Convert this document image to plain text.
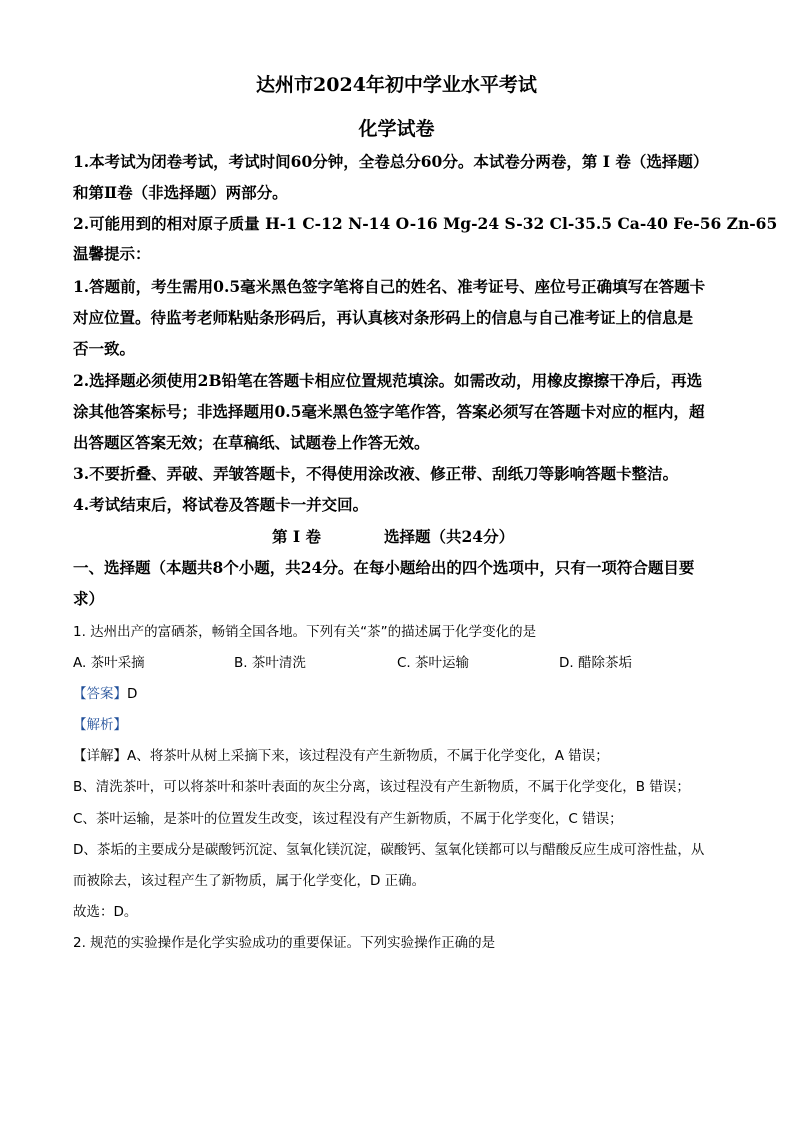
达州市2024年初中学业水平考试
化学试卷
1.本考试为闭卷考试，考试时间60分钟，全卷总分60分。本试卷分两卷，第 I 卷（选择题）
和第Ⅱ卷（非选择题）两部分。
2.可能用到的相对原子质量 H-1 C-12 N-14 O-16 Mg-24 S-32 Cl-35.5 Ca-40 Fe-56 Zn-65
温馨提示：
1.答题前，考生需用0.5毫米黑色签字笔将自己的姓名、准考证号、座位号正确填写在答题卡
对应位置。待监考老师粘贴条形码后，再认真核对条形码上的信息与自己准考证上的信息是
否一致。
2.选择题必须使用2B铅笔在答题卡相应位置规范填涂。如需改动，用橡皮擦擦干净后，再选
涂其他答案标号；非选择题用0.5毫米黑色签字笔作答，答案必须写在答题卡对应的框内，超
出答题区答案无效；在草稿纸、试题卷上作答无效。
3.不要折叠、弄破、弄皱答题卡，不得使用涂改液、修正带、刮纸刀等影响答题卡整洁。
4.考试结束后，将试卷及答题卡一并交回。
第 I 卷	选择题（共24分）
一、选择题（本题共8个小题，共24分。在每小题给出的四个选项中，只有一项符合题目要
求）
1. 达州出产的富硒茶，畅销全国各地。下列有关“茶”的描述属于化学变化的是
A. 茶叶采摘	B. 茶叶清洗	C. 茶叶运输	D. 醋除茶垢
【答案】D
【解析】
【详解】A、将茶叶从树上采摘下来，该过程没有产生新物质，不属于化学变化，A 错误；
B、清洗茶叶，可以将茶叶和茶叶表面的灰尘分离，该过程没有产生新物质，不属于化学变化，B 错误；
C、茶叶运输，是茶叶的位置发生改变，该过程没有产生新物质，不属于化学变化，C 错误；
D、茶垢的主要成分是碳酸钙沉淀、氢氧化镁沉淀，碳酸钙、氢氧化镁都可以与醋酸反应生成可溶性盐，从
而被除去，该过程产生了新物质，属于化学变化，D 正确。
故选：D。
2. 规范的实验操作是化学实验成功的重要保证。下列实验操作正确的是
